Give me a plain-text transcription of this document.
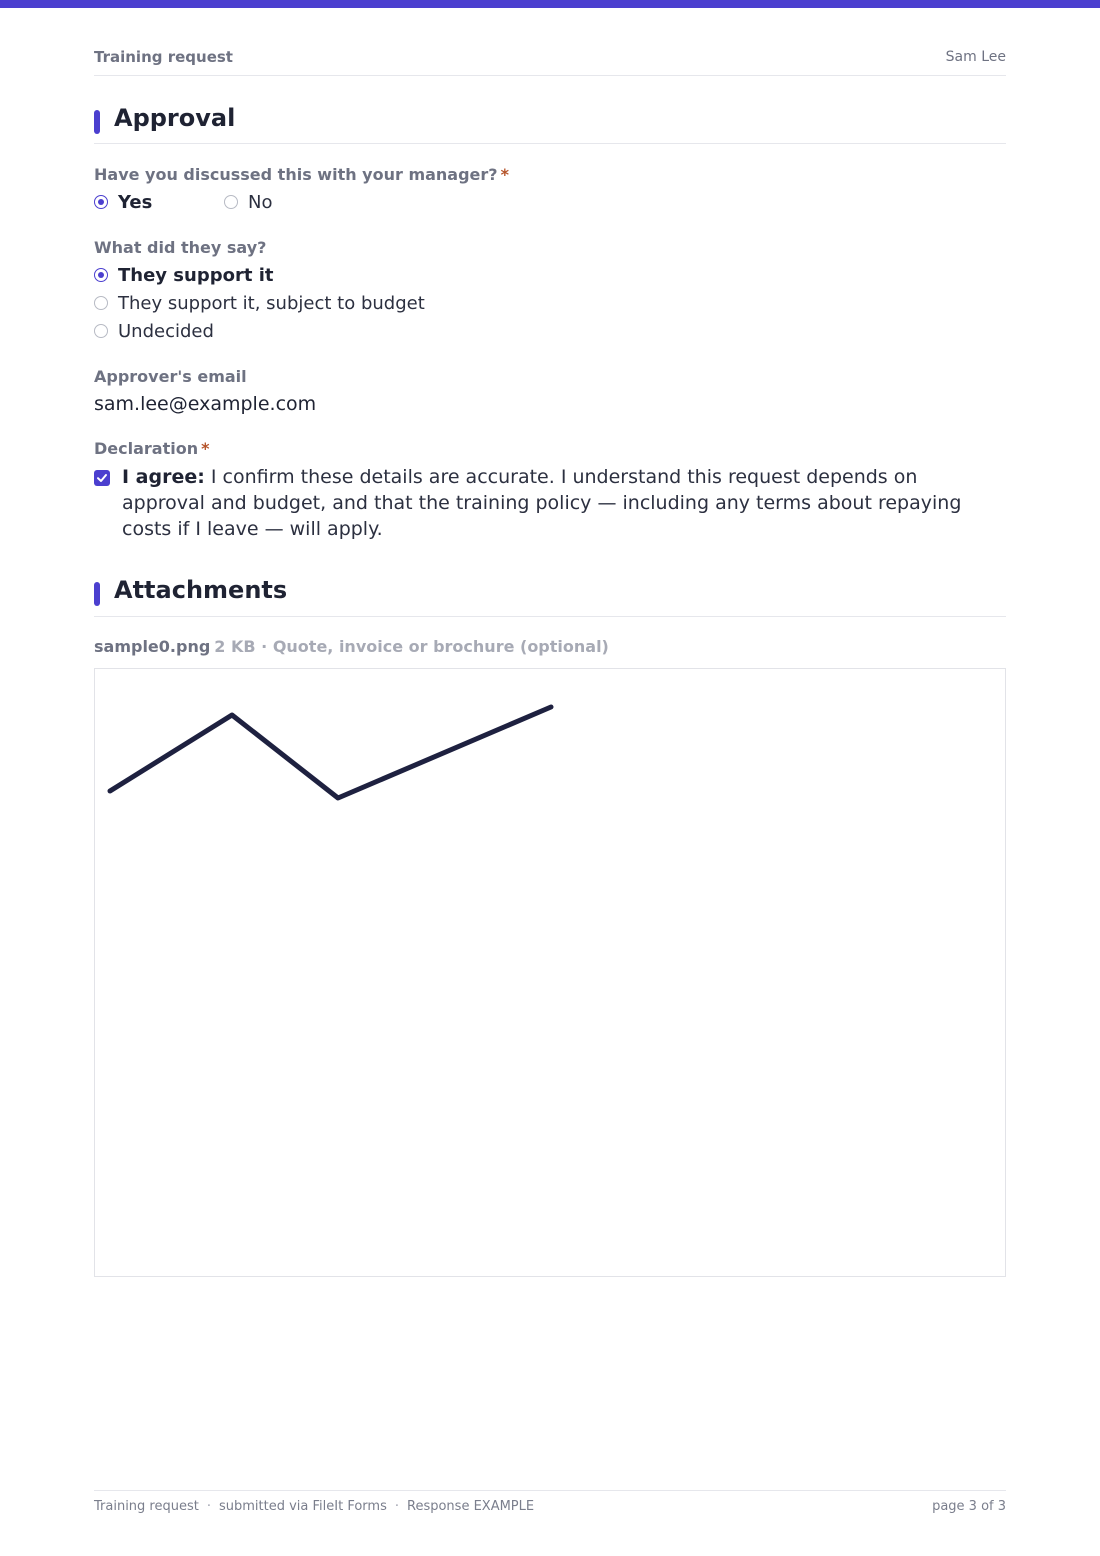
Training request	Sam Lee
Approval
Have you discussed this with your manager? *
Yes	No
What did they say?
They support it
They support it, subject to budget
Undecided
Approver's email
sam.lee@example.com
Declaration *
I agree: I confirm these details are accurate. I understand this request depends on approval and budget, and that the training policy — including any terms about repaying costs if I leave — will apply.
Attachments
sample0.png 2 KB · Quote, invoice or brochure (optional)
Training request · submitted via FileIt Forms · Response EXAMPLE	page 3 of 3
